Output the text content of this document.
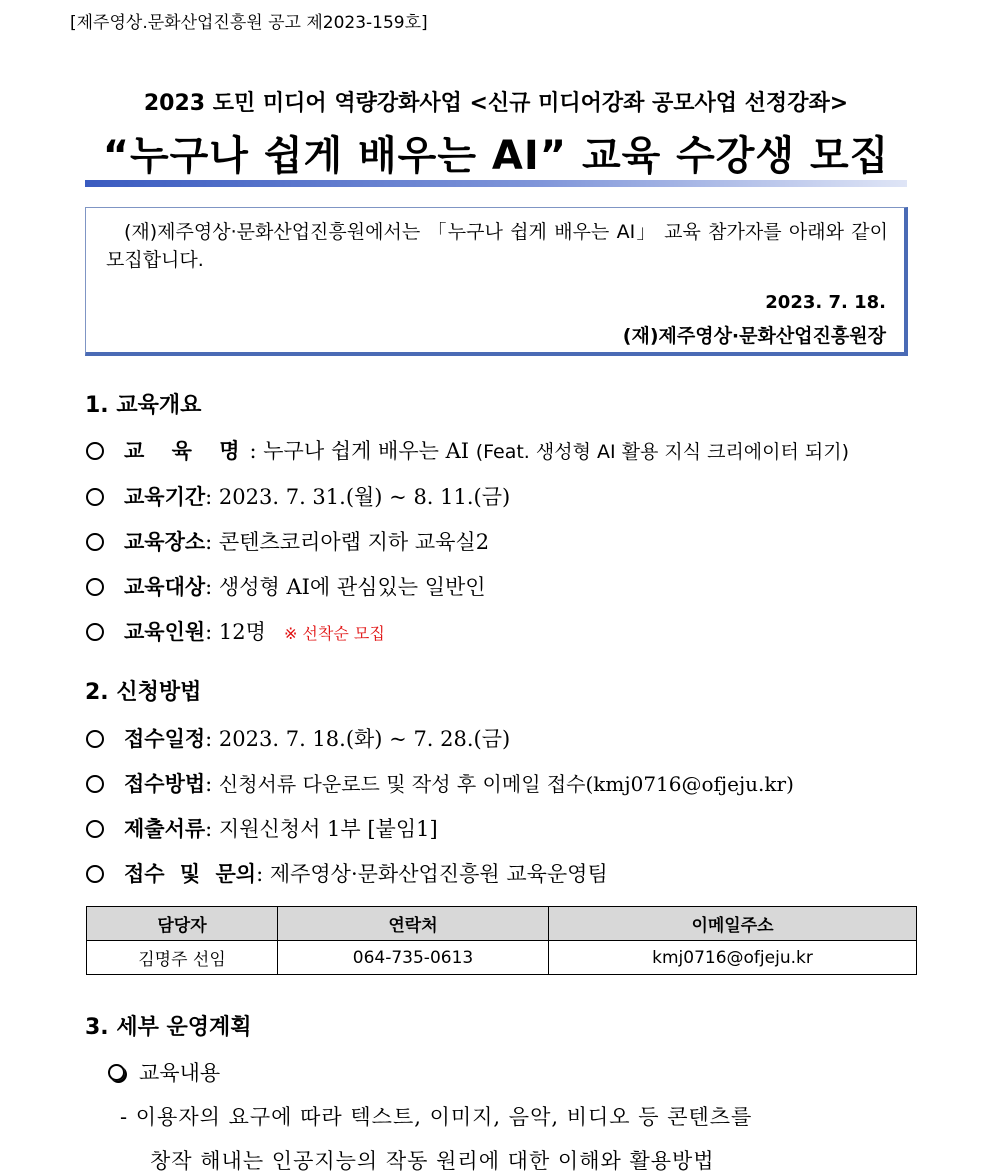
[제주영상.문화산업진흥원 공고 제2023-159호]
2023 도민 미디어 역량강화사업 <신규 미디어강좌 공모사업 선정강좌>
“누구나 쉽게 배우는 AI” 교육 수강생 모집
(재)제주영상·문화산업진흥원에서는 「누구나 쉽게 배우는 AI」 교육 참가자를 아래와 같이 모집합니다.
2023. 7. 18.
(재)제주영상·문화산업진흥원장
1. 교육개요
교 육 명: 누구나 쉽게 배우는 AI (Feat. 생성형 AI 활용 지식 크리에이터 되기)
교육기간: 2023. 7. 31.(월) ~ 8. 11.(금)
교육장소: 콘텐츠코리아랩 지하 교육실2
교육대상: 생성형 AI에 관심있는 일반인
교육인원: 12명 ※ 선착순 모집
2. 신청방법
접수일정: 2023. 7. 18.(화) ~ 7. 28.(금)
접수방법: 신청서류 다운로드 및 작성 후 이메일 접수(kmj0716@ofjeju.kr)
제출서류: 지원신청서 1부 [붙임1]
접수 및 문의: 제주영상·문화산업진흥원 교육운영팀
담당자	연락처	이메일주소
김명주 선임	064-735-0613	kmj0716@ofjeju.kr
3. 세부 운영계획
교육내용
- 이용자의 요구에 따라 텍스트, 이미지, 음악, 비디오 등 콘텐츠를
창작 해내는 인공지능의 작동 원리에 대한 이해와 활용방법
